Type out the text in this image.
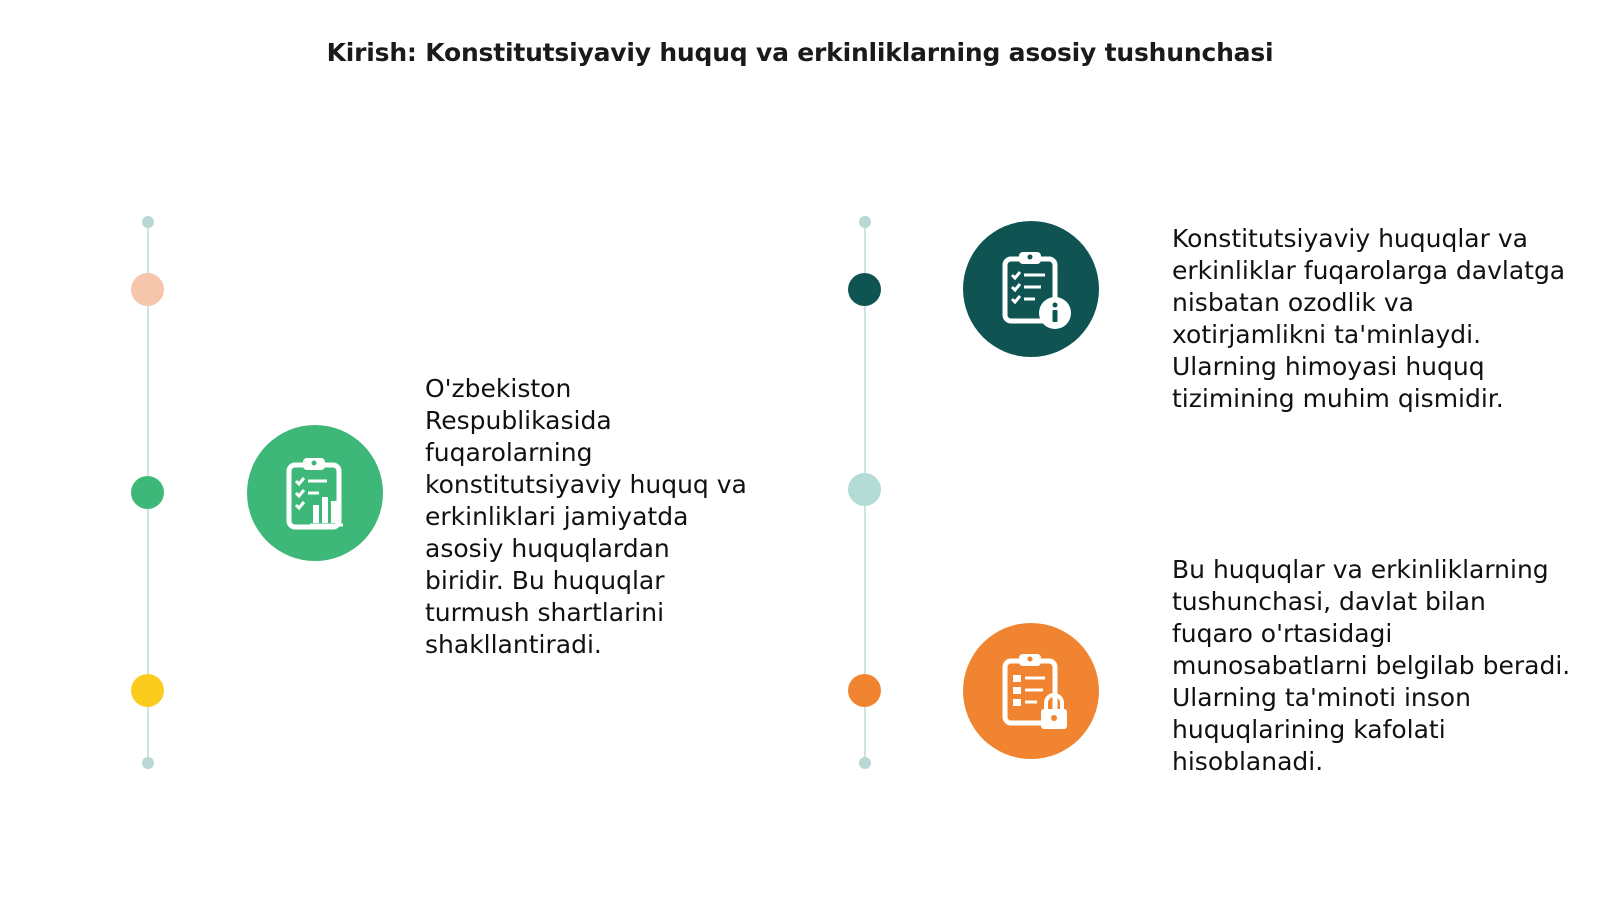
Kirish: Konstitutsiyaviy huquq va erkinliklarning asosiy tushunchasi
O'zbekiston Respublikasida fuqarolarning konstitutsiyaviy huquq va erkinliklari jamiyatda asosiy huquqlardan biridir. Bu huquqlar turmush shartlarini shakllantiradi.
Konstitutsiyaviy huquqlar va erkinliklar fuqarolarga davlatga nisbatan ozodlik va xotirjamlikni ta'minlaydi. Ularning himoyasi huquq tizimining muhim qismidir.
Bu huquqlar va erkinliklarning tushunchasi, davlat bilan fuqaro o'rtasidagi munosabatlarni belgilab beradi. Ularning ta'minoti inson huquqlarining kafolati hisoblanadi.
